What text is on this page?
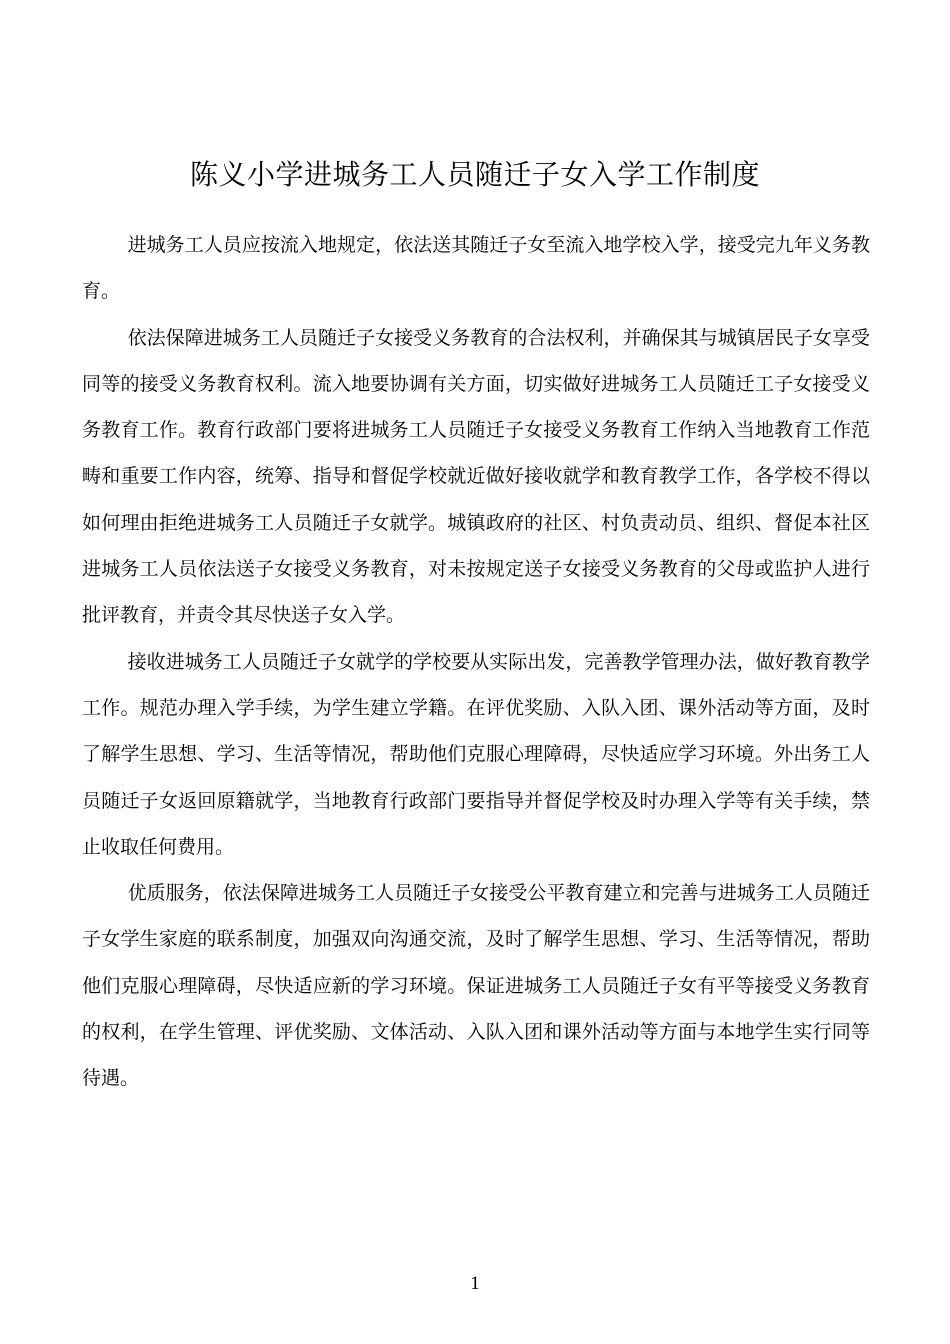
陈义小学进城务工人员随迁子女入学工作制度

进城务工人员应按流入地规定，依法送其随迁子女至流入地学校入学，接受完九年义务教育。

依法保障进城务工人员随迁子女接受义务教育的合法权利，并确保其与城镇居民子女享受同等的接受义务教育权利。流入地要协调有关方面，切实做好进城务工人员随迁工子女接受义务教育工作。教育行政部门要将进城务工人员随迁子女接受义务教育工作纳入当地教育工作范畴和重要工作内容，统筹、指导和督促学校就近做好接收就学和教育教学工作，各学校不得以如何理由拒绝进城务工人员随迁子女就学。城镇政府的社区、村负责动员、组织、督促本社区进城务工人员依法送子女接受义务教育，对未按规定送子女接受义务教育的父母或监护人进行批评教育，并责令其尽快送子女入学。

接收进城务工人员随迁子女就学的学校要从实际出发，完善教学管理办法，做好教育教学工作。规范办理入学手续，为学生建立学籍。在评优奖励、入队入团、课外活动等方面，及时了解学生思想、学习、生活等情况，帮助他们克服心理障碍，尽快适应学习环境。外出务工人员随迁子女返回原籍就学，当地教育行政部门要指导并督促学校及时办理入学等有关手续，禁止收取任何费用。

优质服务，依法保障进城务工人员随迁子女接受公平教育建立和完善与进城务工人员随迁子女学生家庭的联系制度，加强双向沟通交流，及时了解学生思想、学习、生活等情况，帮助他们克服心理障碍，尽快适应新的学习环境。保证进城务工人员随迁子女有平等接受义务教育的权利，在学生管理、评优奖励、文体活动、入队入团和课外活动等方面与本地学生实行同等待遇。

1
